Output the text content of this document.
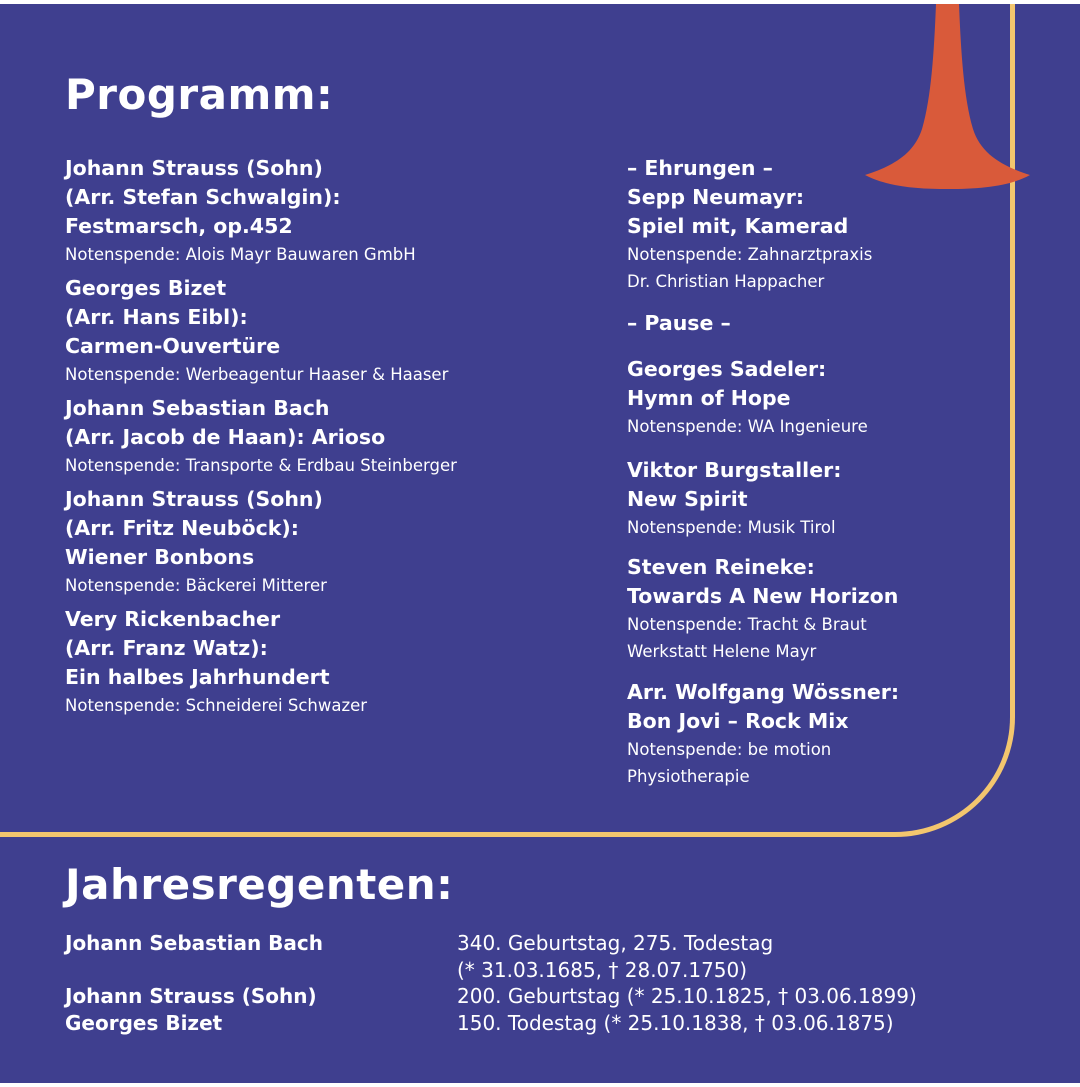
Programm:
Johann Strauss (Sohn)
(Arr. Stefan Schwalgin):
Festmarsch, op.452
Notenspende: Alois Mayr Bauwaren GmbH
Georges Bizet
(Arr. Hans Eibl):
Carmen-Ouvertüre
Notenspende: Werbeagentur Haaser & Haaser
Johann Sebastian Bach
(Arr. Jacob de Haan): Arioso
Notenspende: Transporte & Erdbau Steinberger
Johann Strauss (Sohn)
(Arr. Fritz Neuböck):
Wiener Bonbons
Notenspende: Bäckerei Mitterer
Very Rickenbacher
(Arr. Franz Watz):
Ein halbes Jahrhundert
Notenspende: Schneiderei Schwazer
– Ehrungen –
Sepp Neumayr:
Spiel mit, Kamerad
Notenspende: Zahnarztpraxis
Dr. Christian Happacher
– Pause –
Georges Sadeler:
Hymn of Hope
Notenspende: WA Ingenieure
Viktor Burgstaller:
New Spirit
Notenspende: Musik Tirol
Steven Reineke:
Towards A New Horizon
Notenspende: Tracht & Braut
Werkstatt Helene Mayr
Arr. Wolfgang Wössner:
Bon Jovi – Rock Mix
Notenspende: be motion
Physiotherapie
Jahresregenten:
Johann Sebastian Bach	340. Geburtstag, 275. Todestag
(* 31.03.1685, † 28.07.1750)
Johann Strauss (Sohn)	200. Geburtstag (* 25.10.1825, † 03.06.1899)
Georges Bizet	150. Todestag (* 25.10.1838, † 03.06.1875)
